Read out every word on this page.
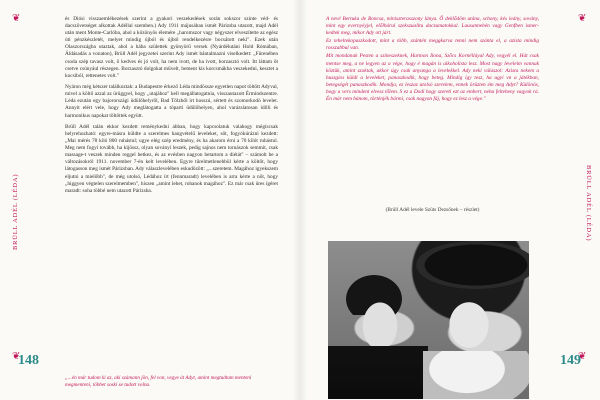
❦
BRÜLL ADÉL (LÉDA)
❦

és Diósi visszaemlékezések szerint a gyakori veszekedések során sokszor szinte véd- és dacszövetséget alkottak Adéllal szemben.) Ady 1911 májusában ismét Párizsba utazott, majd Adél után ment Monte-Carlóba, ahol a közönyös élemére „haromszor vagy négyszer elveszítette az egész úti pénzkészletét, melyet mindig újból és újból rendelkezésre bocsátott neki". Ezek után Olaszországba utaztak, ahol a hába születtek gyönyörű versek (Nyárdélutáni Hold Rómában, Áldásadás a vonaton), Brüll Adél jegyzetei szerint Ady ismét bántalmazni viselkedett: „Fürenében csoda szép tavasz volt, ő kedves és jó volt, ha nem ivott, de ha ivott, borzasztó volt. Itt láttam őt csetve csúnyául részegen. Borzasztó dolgokat művelt, bement kis korcsmákba veszekedni, kesztet a kocsiból, rettenetes volt."

Nyáron még kétszer találkoztak: a Budapestre érkező Léda mindössze egyetlen napot töltött Adyval, mivel a költő azzal az ürüggyel, hogy „utajához" kell megállatogatnia, visszautazott Érmindszentre. Léda ezután egy bajorországi üdülőhelyről, Bad Tölzből írt hosszú, sértett és szomorkodó levelet. Annyit elért vele, hogy Ady meglátogatta a tóparti üdülőhelyen, ahol varázslatosan idilli és harmonikus napokat töltöttek együtt.

Brüll Adél talán ekkor kezdett reménykedni abban, hogy kapcsolatuk valahogy mégiscsak helyrehozható: egyre-másra küldte a szerelmes hangvételű leveleket, sőt, fogyókúrázni kezdett: „Mai mérés 78 kiló 800 ruhástul; ugye elég szép eredmény, és ha akarom érni a 70 kilót ruhástul. Meg nem fogyi tovább, ha kijössz, olyan soványí leszek, pedig sajnos nem tornászok semmit, csak massage-t veszek minden reggel hetkez, és az evésben nagyon betartom a diétát" – számolt be a változásokról 1911. november 7-én kelt levelében. Egyre türelmetlenebbül kérte a költőt, hogy látogasson meg ismét Párizsban. Ady válaszlevelében eskudözött: „...szeretem. Magához igyekszem eljutni a mielőbb", de még utolsó, Lédához írt (fennmaradt) levelében is arra kérte a nőt, hogy „higgyen végtelen szerelmemben", hiszen „amint lehet, rohanok magához". Ez már csak üres ígéret maradt: soha többé nem utazott Párizsba.

„...én már tudom ki az, aki számann jön, fel von, vegye át Adyt, amint megtudtam menteni megmenteni, többet soski se tudott volna.
148
❦
BRÜLL ADÉL (LÉDA)
❦

A nevé Bertuka de Boncsa, miniszterasszony lánya. Ő deklődöm utána, schony, kés leány, sovány, mint egy evernyéyjel, előlhárul szekszualitu daczumatokkal. Lausannebén vagy Genfben ismerkedtek meg, mikor Ady ott járt.

Ez teheltekopaszkodott, mint a több, szántén meggkarva tenni nem szánta el, a azista mindig rosszabbul van.

Mit mondanak Pesten a színeszeknek, Harmon Ilona, Szőcs Kornélláyal Ady, vegyél el. Hát csak mentse meg, a ne legyen az a vége, hogy é magán is alkoholista lesz. Most nagy leveleim vannak köztük, amint szoktak, akkor úgy csak anyanga a levelekkel. Ady neki válaszol: Azista nekem a huszgios küldi a leveleket, panaszkodik, hogy beteg. Mindig így tesz, ha ugyi vn a játékban, betegségét panaszkodik. Mondja, ez leszaz utolsó szerelem, ennek örüzten ém meg Adyt? Különös, hogy a vers mindent elvesz tőlem. S ez a Dodi hogy szereti ezt az embert, neha felteheny vagyok rá. Én már nem bánom, történjék bármi, csak nagyon fáj, hogy ez lesz a vége."

(Brüll Adél levele Szüts Dezsőnek – részlet)
149
